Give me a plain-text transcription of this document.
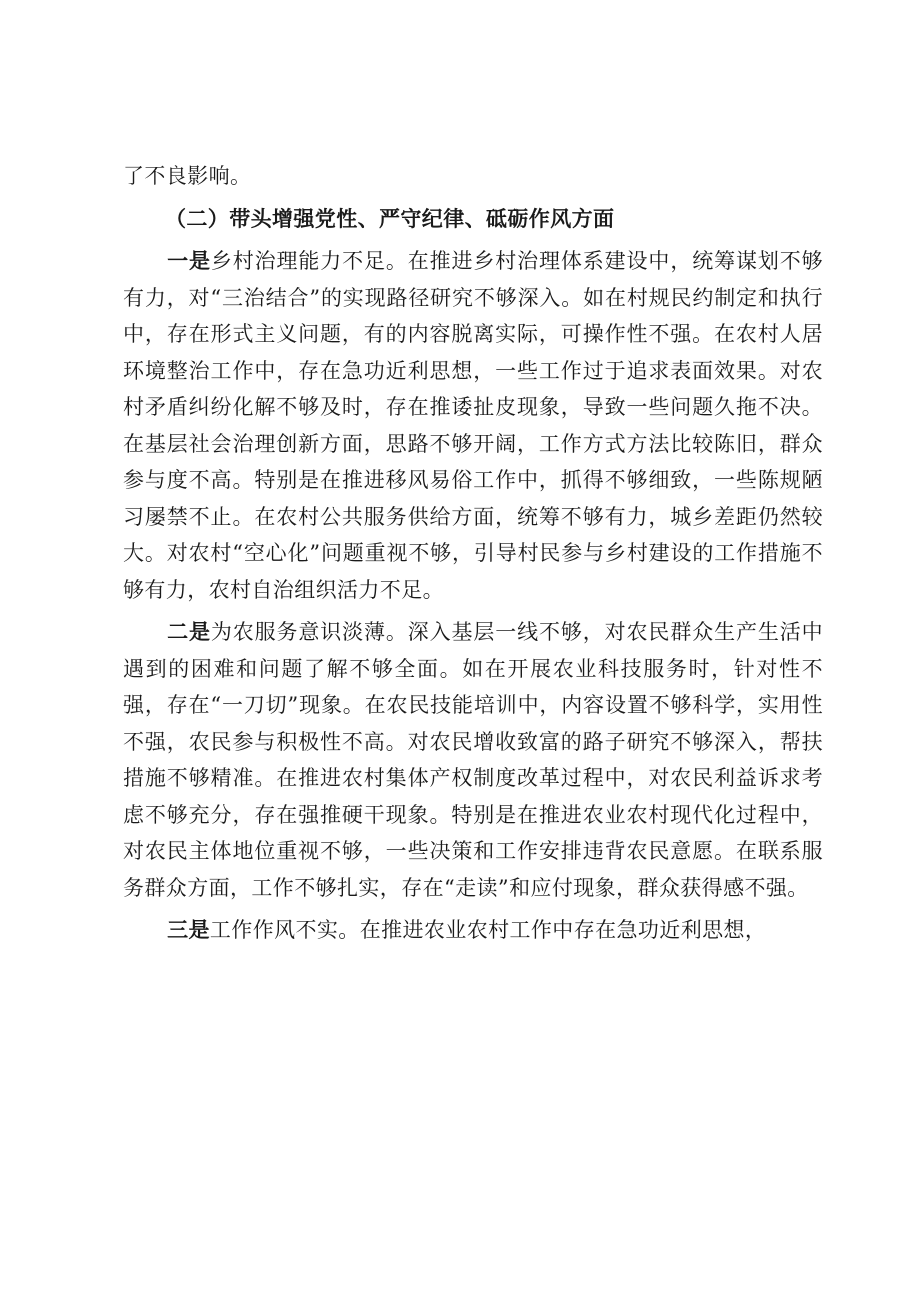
了不良影响。

（二）带头增强党性、严守纪律、砥砺作风方面

一是乡村治理能力不足。在推进乡村治理体系建设中，统筹谋划不够有力，对“三治结合”的实现路径研究不够深入。如在村规民约制定和执行中，存在形式主义问题，有的内容脱离实际，可操作性不强。在农村人居环境整治工作中，存在急功近利思想，一些工作过于追求表面效果。对农村矛盾纠纷化解不够及时，存在推诿扯皮现象，导致一些问题久拖不决。在基层社会治理创新方面，思路不够开阔，工作方式方法比较陈旧，群众参与度不高。特别是在推进移风易俗工作中，抓得不够细致，一些陈规陋习屡禁不止。在农村公共服务供给方面，统筹不够有力，城乡差距仍然较大。对农村“空心化”问题重视不够，引导村民参与乡村建设的工作措施不够有力，农村自治组织活力不足。

二是为农服务意识淡薄。深入基层一线不够，对农民群众生产生活中遇到的困难和问题了解不够全面。如在开展农业科技服务时，针对性不强，存在“一刀切”现象。在农民技能培训中，内容设置不够科学，实用性不强，农民参与积极性不高。对农民增收致富的路子研究不够深入，帮扶措施不够精准。在推进农村集体产权制度改革过程中，对农民利益诉求考虑不够充分，存在强推硬干现象。特别是在推进农业农村现代化过程中，对农民主体地位重视不够，一些决策和工作安排违背农民意愿。在联系服务群众方面，工作不够扎实，存在“走读”和应付现象，群众获得感不强。

三是工作作风不实。在推进农业农村工作中存在急功近利思想，
